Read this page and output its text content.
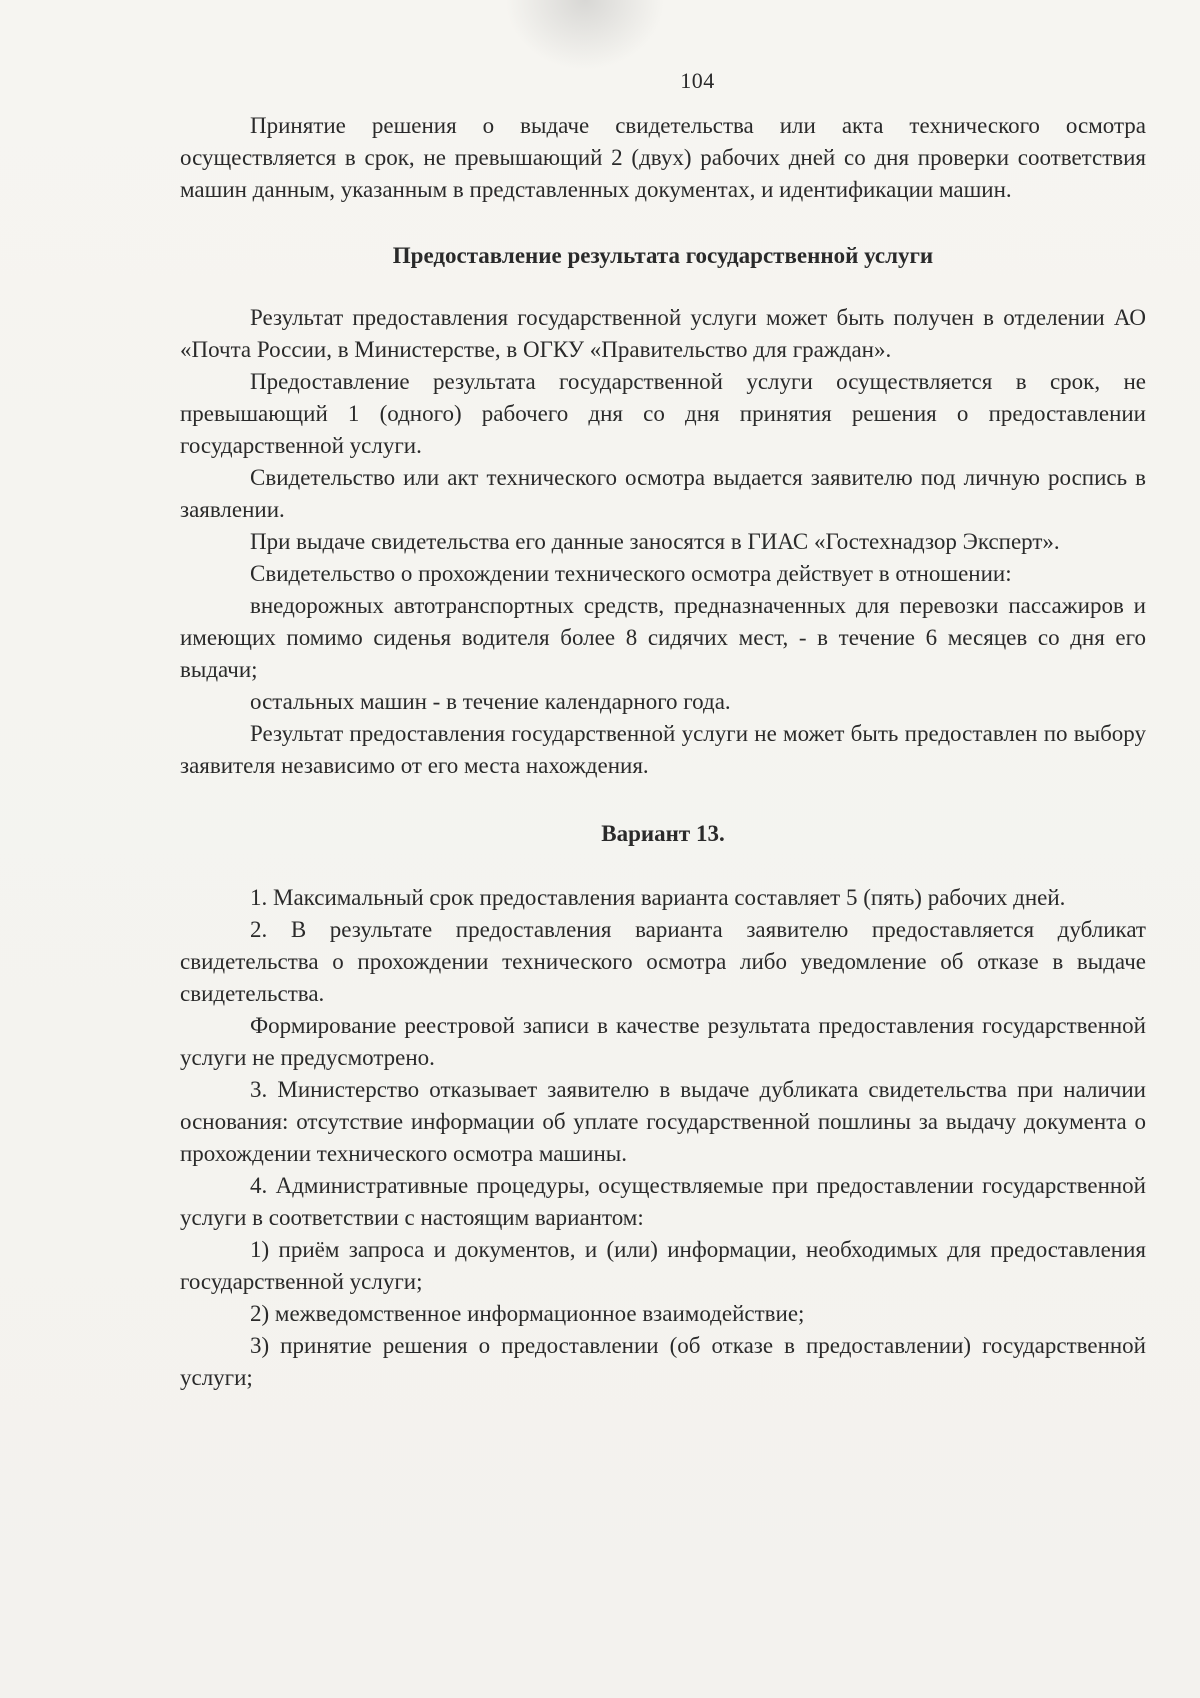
104

Принятие решения о выдаче свидетельства или акта технического осмотра осуществляется в срок, не превышающий 2 (двух) рабочих дней со дня проверки соответствия машин данным, указанным в представленных документах, и идентификации машин.

Предоставление результата государственной услуги

Результат предоставления государственной услуги может быть получен в отделении АО «Почта России, в Министерстве, в ОГКУ «Правительство для граждан».

Предоставление результата государственной услуги осуществляется в срок, не превышающий 1 (одного) рабочего дня со дня принятия решения о предоставлении государственной услуги.

Свидетельство или акт технического осмотра выдается заявителю под личную роспись в заявлении.

При выдаче свидетельства его данные заносятся в ГИАС «Гостехнадзор Эксперт».

Свидетельство о прохождении технического осмотра действует в отношении:

внедорожных автотранспортных средств, предназначенных для перевозки пассажиров и имеющих помимо сиденья водителя более 8 сидячих мест, - в течение 6 месяцев со дня его выдачи;

остальных машин - в течение календарного года.

Результат предоставления государственной услуги не может быть предоставлен по выбору заявителя независимо от его места нахождения.

Вариант 13.

1. Максимальный срок предоставления варианта составляет 5 (пять) рабочих дней.

2. В результате предоставления варианта заявителю предоставляется дубликат свидетельства о прохождении технического осмотра либо уведомление об отказе в выдаче свидетельства.

Формирование реестровой записи в качестве результата предоставления государственной услуги не предусмотрено.

3. Министерство отказывает заявителю в выдаче дубликата свидетельства при наличии основания: отсутствие информации об уплате государственной пошлины за выдачу документа о прохождении технического осмотра машины.

4. Административные процедуры, осуществляемые при предоставлении государственной услуги в соответствии с настоящим вариантом:

1) приём запроса и документов, и (или) информации, необходимых для предоставления государственной услуги;

2) межведомственное информационное взаимодействие;

3) принятие решения о предоставлении (об отказе в предоставлении) государственной услуги;
